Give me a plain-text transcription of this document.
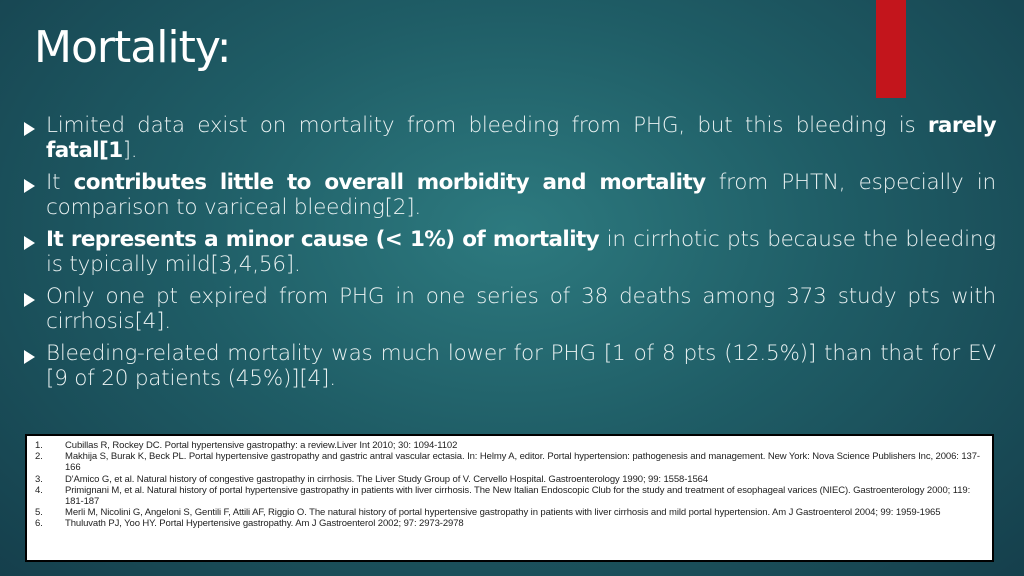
Mortality:
Limited data exist on mortality from bleeding from PHG, but this bleeding is rarely fatal[1].
It contributes little to overall morbidity and mortality from PHTN, especially in comparison to variceal bleeding[2].
It represents a minor cause (< 1%) of mortality in cirrhotic pts because the bleeding is typically mild[3,4,56].
Only one pt expired from PHG in one series of 38 deaths among 373 study pts with cirrhosis[4].
Bleeding-related mortality was much lower for PHG [1 of 8 pts (12.5%)] than that for EV [9 of 20 patients (45%)][4].
1.	Cubillas R, Rockey DC. Portal hypertensive gastropathy: a review.Liver Int 2010; 30: 1094-1102
2.	Makhija S, Burak K, Beck PL. Portal hypertensive gastropathy and gastric antral vascular ectasia. In: Helmy A, editor. Portal hypertension: pathogenesis and management. New York: Nova Science Publishers Inc, 2006: 137-166
3.	D'Amico G, et al. Natural history of congestive gastropathy in cirrhosis. The Liver Study Group of V. Cervello Hospital. Gastroenterology 1990; 99: 1558-1564
4.	Primignani M, et al. Natural history of portal hypertensive gastropathy in patients with liver cirrhosis. The New Italian Endoscopic Club for the study and treatment of esophageal varices (NIEC). Gastroenterology 2000; 119: 181-187
5.	Merli M, Nicolini G, Angeloni S, Gentili F, Attili AF, Riggio O. The natural history of portal hypertensive gastropathy in patients with liver cirrhosis and mild portal hypertension. Am J Gastroenterol 2004; 99: 1959-1965
6.	Thuluvath PJ, Yoo HY. Portal Hypertensive gastropathy. Am J Gastroenterol 2002; 97: 2973-2978
